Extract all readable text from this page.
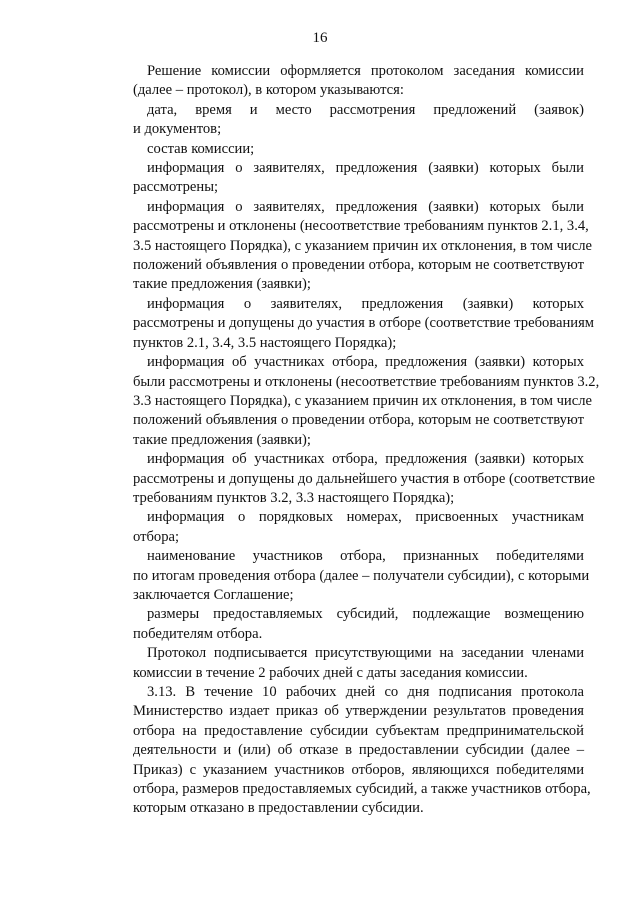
16
Решение комиссии оформляется протоколом заседания комиссии
(далее – протокол), в котором указываются:
дата, время и место рассмотрения предложений (заявок)
и документов;
состав комиссии;
информация о заявителях, предложения (заявки) которых были
рассмотрены;
информация о заявителях, предложения (заявки) которых были
рассмотрены и отклонены (несоответствие требованиям пунктов 2.1, 3.4,
3.5 настоящего Порядка), с указанием причин их отклонения, в том числе
положений объявления о проведении отбора, которым не соответствуют
такие предложения (заявки);
информация о заявителях, предложения (заявки) которых
рассмотрены и допущены до участия в отборе (соответствие требованиям
пунктов 2.1, 3.4, 3.5 настоящего Порядка);
информация об участниках отбора, предложения (заявки) которых
были рассмотрены и отклонены (несоответствие требованиям пунктов 3.2,
3.3 настоящего Порядка), с указанием причин их отклонения, в том числе
положений объявления о проведении отбора, которым не соответствуют
такие предложения (заявки);
информация об участниках отбора, предложения (заявки) которых
рассмотрены и допущены до дальнейшего участия в отборе (соответствие
требованиям пунктов 3.2, 3.3 настоящего Порядка);
информация о порядковых номерах, присвоенных участникам
отбора;
наименование участников отбора, признанных победителями
по итогам проведения отбора (далее – получатели субсидии), с которыми
заключается Соглашение;
размеры предоставляемых субсидий, подлежащие возмещению
победителям отбора.
Протокол подписывается присутствующими на заседании членами
комиссии в течение 2 рабочих дней с даты заседания комиссии.
3.13. В течение 10 рабочих дней со дня подписания протокола
Министерство издает приказ об утверждении результатов проведения
отбора на предоставление субсидии субъектам предпринимательской
деятельности и (или) об отказе в предоставлении субсидии (далее –
Приказ) с указанием участников отборов, являющихся победителями
отбора, размеров предоставляемых субсидий, а также участников отбора,
которым отказано в предоставлении субсидии.
